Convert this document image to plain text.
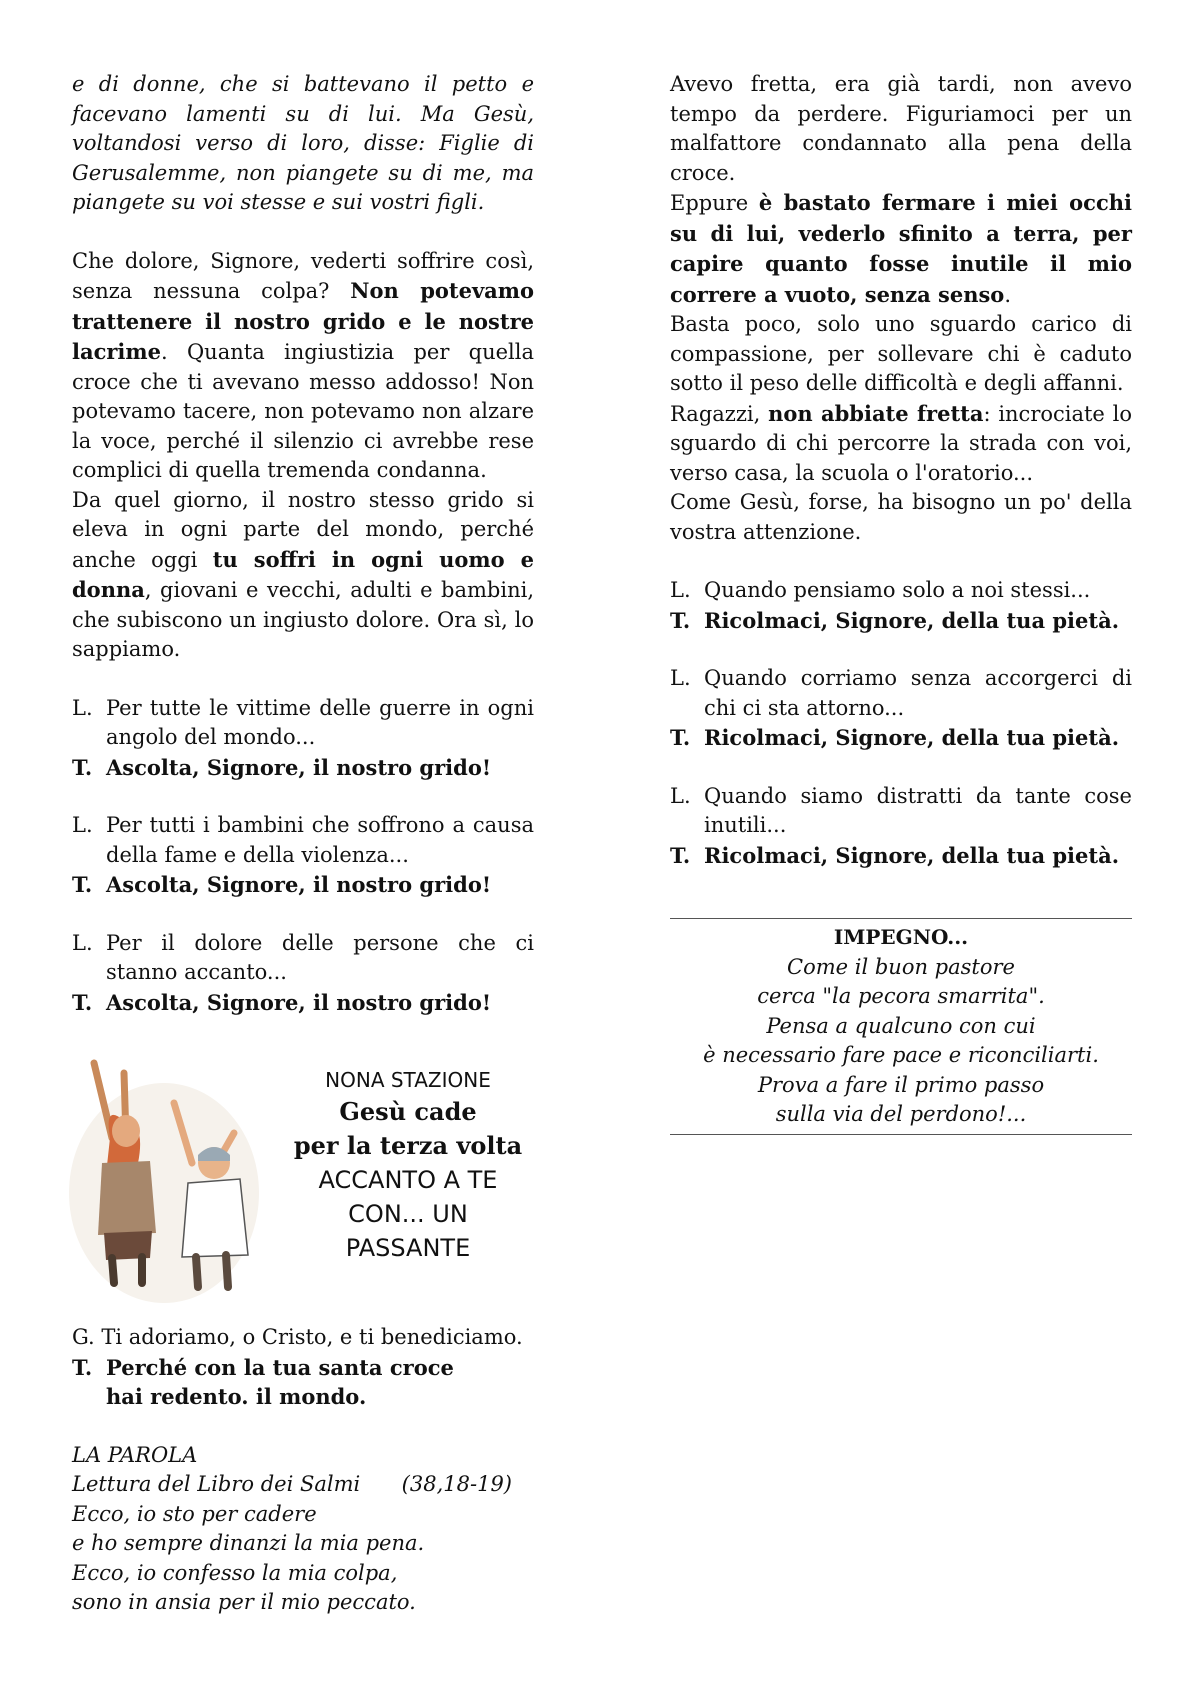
e di donne, che si battevano il petto e facevano lamenti su di lui. Ma Gesù, voltandosi verso di loro, disse: Figlie di Gerusalemme, non piangete su di me, ma piangete su voi stesse e sui vostri figli.

Che dolore, Signore, vederti soffrire così, senza nessuna colpa? Non potevamo trattenere il nostro grido e le nostre lacrime. Quanta ingiustizia per quella croce che ti avevano messo addosso! Non potevamo tacere, non potevamo non alzare la voce, perché il silenzio ci avrebbe rese complici di quella tremenda condanna.

Da quel giorno, il nostro stesso grido si eleva in ogni parte del mondo, perché anche oggi tu soffri in ogni uomo e donna, giovani e vecchi, adulti e bambini, che subiscono un ingiusto dolore. Ora sì, lo sappiamo.

L. Per tutte le vittime delle guerre in ogni angolo del mondo...
T. Ascolta, Signore, il nostro grido!
L. Per tutti i bambini che soffrono a causa della fame e della violenza...
T. Ascolta, Signore, il nostro grido!
L. Per il dolore delle persone che ci stanno accanto...
T. Ascolta, Signore, il nostro grido!
NONA STAZIONE
Gesù cade
per la terza volta
ACCANTO A TE
CON... UN
PASSANTE
G. Ti adoriamo, o Cristo, e ti benediciamo.
T. Perché con la tua santa croce
hai redento. il mondo.
LA PAROLA
Lettura del Libro dei Salmi (38,18-19)
Ecco, io sto per cadere
e ho sempre dinanzi la mia pena.
Ecco, io confesso la mia colpa,
sono in ansia per il mio peccato.

Avevo fretta, era già tardi, non avevo tempo da perdere. Figuriamoci per un malfattore condannato alla pena della croce.

Eppure è bastato fermare i miei occhi su di lui, vederlo sfinito a terra, per capire quanto fosse inutile il mio correre a vuoto, senza senso.

Basta poco, solo uno sguardo carico di compassione, per sollevare chi è caduto sotto il peso delle difficoltà e degli affanni.

Ragazzi, non abbiate fretta: incrociate lo sguardo di chi percorre la strada con voi, verso casa, la scuola o l'oratorio...

Come Gesù, forse, ha bisogno un po' della vostra attenzione.

L. Quando pensiamo solo a noi stessi...
T. Ricolmaci, Signore, della tua pietà.
L. Quando corriamo senza accorgerci di chi ci sta attorno...
T. Ricolmaci, Signore, della tua pietà.
L. Quando siamo distratti da tante cose inutili...
T. Ricolmaci, Signore, della tua pietà.
IMPEGNO...
Come il buon pastore
cerca "la pecora smarrita".
Pensa a qualcuno con cui
è necessario fare pace e riconciliarti.
Prova a fare il primo passo
sulla via del perdono!...
